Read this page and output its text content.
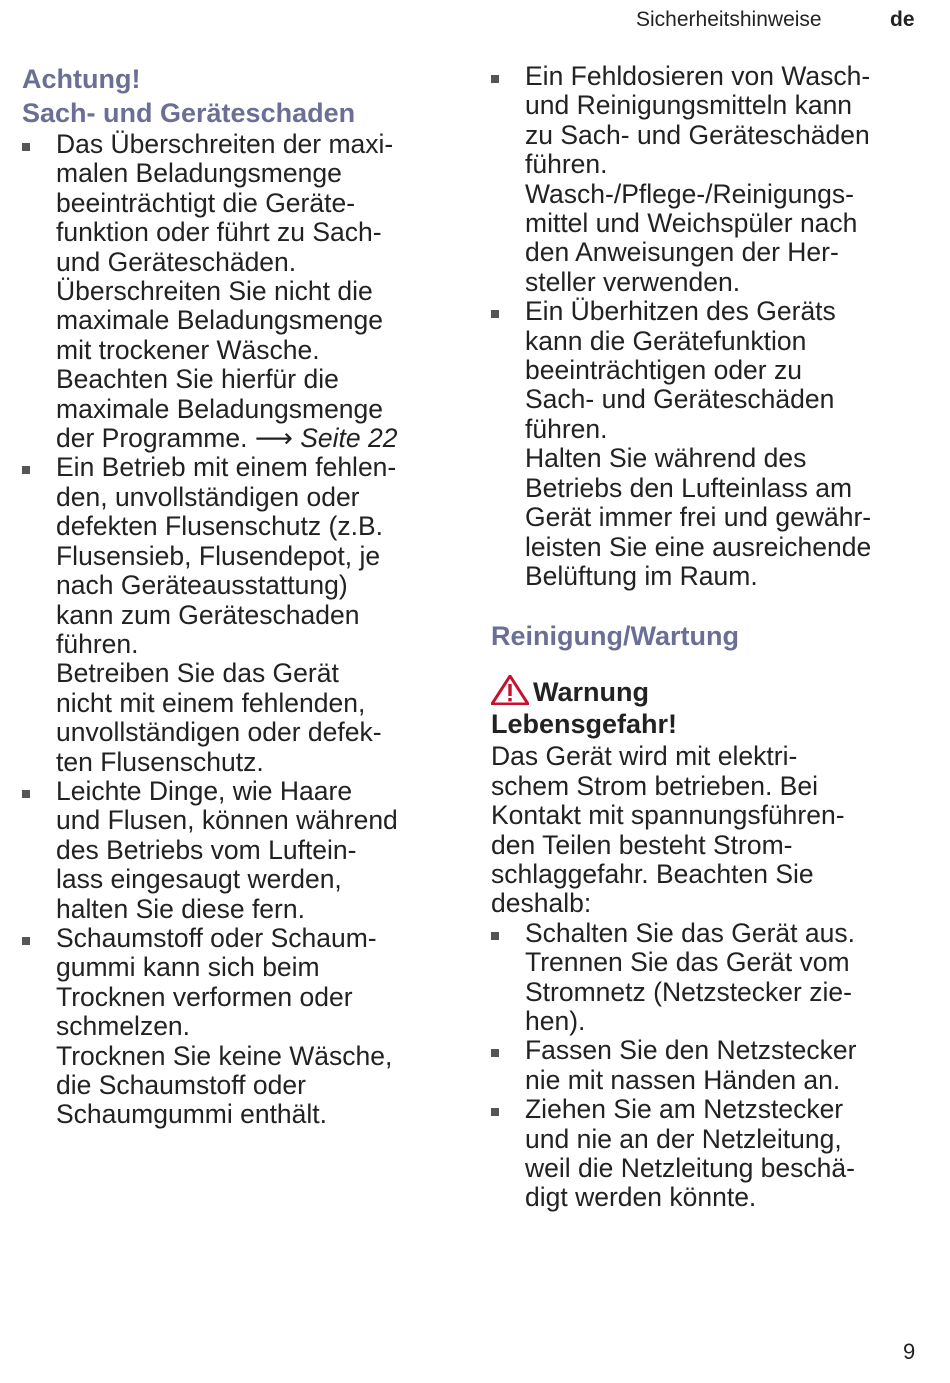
Sicherheitshinweise	de
Achtung!
Sach- und Geräteschaden
Das Überschreiten der maxi-
malen Beladungsmenge
beeinträchtigt die Geräte-
funktion oder führt zu Sach-
und Geräteschäden.
Überschreiten Sie nicht die
maximale Beladungsmenge
mit trockener Wäsche.
Beachten Sie hierfür die
maximale Beladungsmenge
der Programme. ⟶ Seite 22
Ein Betrieb mit einem fehlen-
den, unvollständigen oder
defekten Flusenschutz (z.B.
Flusensieb, Flusendepot, je
nach Geräteausstattung)
kann zum Geräteschaden
führen.
Betreiben Sie das Gerät
nicht mit einem fehlenden,
unvollständigen oder defek-
ten Flusenschutz.
Leichte Dinge, wie Haare
und Flusen, können während
des Betriebs vom Luftein-
lass eingesaugt werden,
halten Sie diese fern.
Schaumstoff oder Schaum-
gummi kann sich beim
Trocknen verformen oder
schmelzen.
Trocknen Sie keine Wäsche,
die Schaumstoff oder
Schaumgummi enthält.
Ein Fehldosieren von Wasch-
und Reinigungsmitteln kann
zu Sach- und Geräteschäden
führen.
Wasch-/Pflege-/Reinigungs-
mittel und Weichspüler nach
den Anweisungen der Her-
steller verwenden.
Ein Überhitzen des Geräts
kann die Gerätefunktion
beeinträchtigen oder zu
Sach- und Geräteschäden
führen.
Halten Sie während des
Betriebs den Lufteinlass am
Gerät immer frei und gewähr-
leisten Sie eine ausreichende
Belüftung im Raum.
Reinigung/Wartung
Warnung
Lebensgefahr!
Das Gerät wird mit elektri-
schem Strom betrieben. Bei
Kontakt mit spannungsführen-
den Teilen besteht Strom-
schlaggefahr. Beachten Sie
deshalb:
Schalten Sie das Gerät aus.
Trennen Sie das Gerät vom
Stromnetz (Netzstecker zie-
hen).
Fassen Sie den Netzstecker
nie mit nassen Händen an.
Ziehen Sie am Netzstecker
und nie an der Netzleitung,
weil die Netzleitung beschä-
digt werden könnte.
9
